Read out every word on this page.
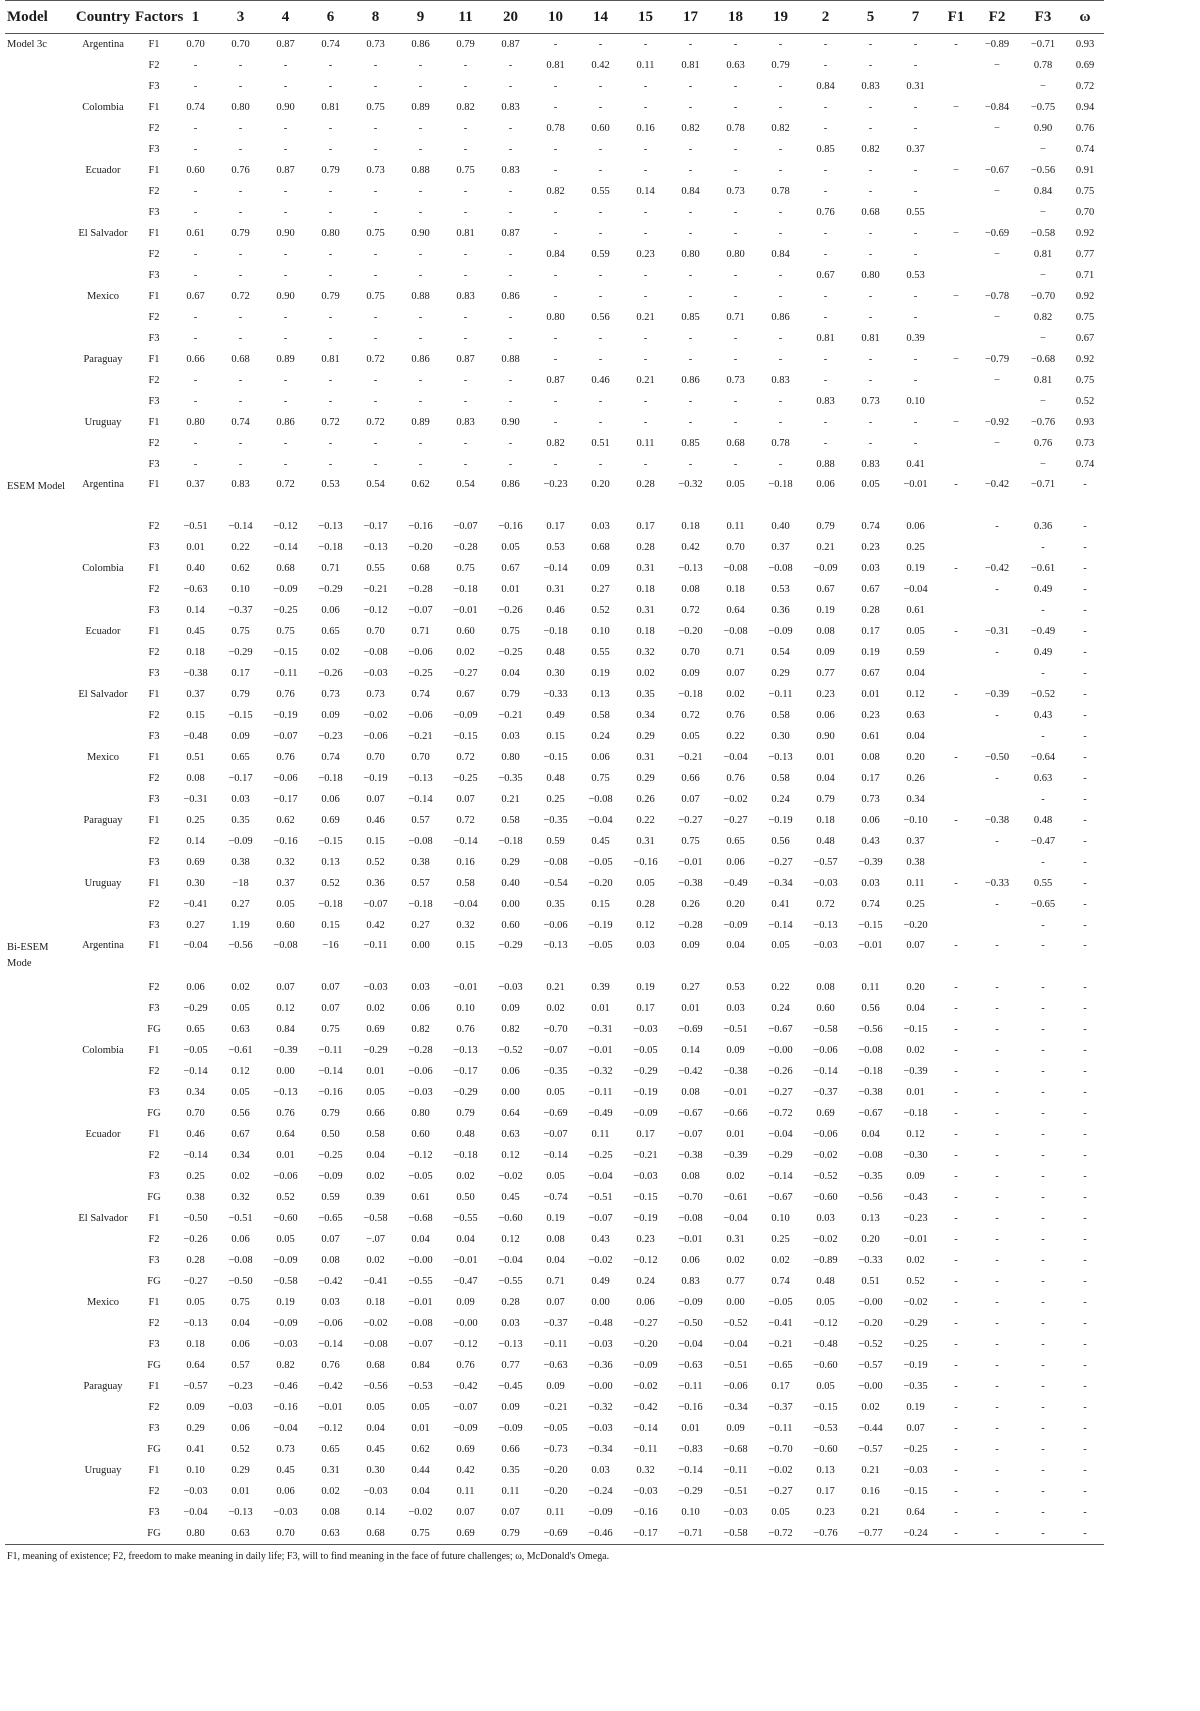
Model	Country	Factors	1	3	4	6	8	9	11	20	10	14	15	17	18	19	2	5	7	F1	F2	F3	ω
Model 3c	Argentina	F1	0.70	0.70	0.87	0.74	0.73	0.86	0.79	0.87	-	-	-	-	-	-	-	-	-	-	−0.89	−0.71	0.93
		F2	-	-	-	-	-	-	-	-	0.81	0.42	0.11	0.81	0.63	0.79	-	-	-		−	0.78	0.69
		F3	-	-	-	-	-	-	-	-	-	-	-	-	-	-	0.84	0.83	0.31			−	0.72
	Colombia	F1	0.74	0.80	0.90	0.81	0.75	0.89	0.82	0.83	-	-	-	-	-	-	-	-	-	−	−0.84	−0.75	0.94
		F2	-	-	-	-	-	-	-	-	0.78	0.60	0.16	0.82	0.78	0.82	-	-	-		−	0.90	0.76
		F3	-	-	-	-	-	-	-	-	-	-	-	-	-	-	0.85	0.82	0.37			−	0.74
	Ecuador	F1	0.60	0.76	0.87	0.79	0.73	0.88	0.75	0.83	-	-	-	-	-	-	-	-	-	−	−0.67	−0.56	0.91
		F2	-	-	-	-	-	-	-	-	0.82	0.55	0.14	0.84	0.73	0.78	-	-	-		−	0.84	0.75
		F3	-	-	-	-	-	-	-	-	-	-	-	-	-	-	0.76	0.68	0.55			−	0.70
	El Salvador	F1	0.61	0.79	0.90	0.80	0.75	0.90	0.81	0.87	-	-	-	-	-	-	-	-	-	−	−0.69	−0.58	0.92
		F2	-	-	-	-	-	-	-	-	0.84	0.59	0.23	0.80	0.80	0.84	-	-	-		−	0.81	0.77
		F3	-	-	-	-	-	-	-	-	-	-	-	-	-	-	0.67	0.80	0.53			−	0.71
	Mexico	F1	0.67	0.72	0.90	0.79	0.75	0.88	0.83	0.86	-	-	-	-	-	-	-	-	-	−	−0.78	−0.70	0.92
		F2	-	-	-	-	-	-	-	-	0.80	0.56	0.21	0.85	0.71	0.86	-	-	-		−	0.82	0.75
		F3	-	-	-	-	-	-	-	-	-	-	-	-	-	-	0.81	0.81	0.39			−	0.67
	Paraguay	F1	0.66	0.68	0.89	0.81	0.72	0.86	0.87	0.88	-	-	-	-	-	-	-	-	-	−	−0.79	−0.68	0.92
		F2	-	-	-	-	-	-	-	-	0.87	0.46	0.21	0.86	0.73	0.83	-	-	-		−	0.81	0.75
		F3	-	-	-	-	-	-	-	-	-	-	-	-	-	-	0.83	0.73	0.10			−	0.52
	Uruguay	F1	0.80	0.74	0.86	0.72	0.72	0.89	0.83	0.90	-	-	-	-	-	-	-	-	-	−	−0.92	−0.76	0.93
		F2	-	-	-	-	-	-	-	-	0.82	0.51	0.11	0.85	0.68	0.78	-	-	-		−	0.76	0.73
		F3	-	-	-	-	-	-	-	-	-	-	-	-	-	-	0.88	0.83	0.41			−	0.74
ESEM Model	Argentina	F1	0.37	0.83	0.72	0.53	0.54	0.62	0.54	0.86	−0.23	0.20	0.28	−0.32	0.05	−0.18	0.06	0.05	−0.01	-	−0.42	−0.71	-
		F2	−0.51	−0.14	−0.12	−0.13	−0.17	−0.16	−0.07	−0.16	0.17	0.03	0.17	0.18	0.11	0.40	0.79	0.74	0.06		-	0.36	-
		F3	0.01	0.22	−0.14	−0.18	−0.13	−0.20	−0.28	0.05	0.53	0.68	0.28	0.42	0.70	0.37	0.21	0.23	0.25			-	-
	Colombia	F1	0.40	0.62	0.68	0.71	0.55	0.68	0.75	0.67	−0.14	0.09	0.31	−0.13	−0.08	−0.08	−0.09	0.03	0.19	-	−0.42	−0.61	-
		F2	−0.63	0.10	−0.09	−0.29	−0.21	−0.28	−0.18	0.01	0.31	0.27	0.18	0.08	0.18	0.53	0.67	0.67	−0.04		-	0.49	-
		F3	0.14	−0.37	−0.25	0.06	−0.12	−0.07	−0.01	−0.26	0.46	0.52	0.31	0.72	0.64	0.36	0.19	0.28	0.61			-	-
	Ecuador	F1	0.45	0.75	0.75	0.65	0.70	0.71	0.60	0.75	−0.18	0.10	0.18	−0.20	−0.08	−0.09	0.08	0.17	0.05	-	−0.31	−0.49	-
		F2	0.18	−0.29	−0.15	0.02	−0.08	−0.06	0.02	−0.25	0.48	0.55	0.32	0.70	0.71	0.54	0.09	0.19	0.59		-	0.49	-
		F3	−0.38	0.17	−0.11	−0.26	−0.03	−0.25	−0.27	0.04	0.30	0.19	0.02	0.09	0.07	0.29	0.77	0.67	0.04			-	-
	El Salvador	F1	0.37	0.79	0.76	0.73	0.73	0.74	0.67	0.79	−0.33	0.13	0.35	−0.18	0.02	−0.11	0.23	0.01	0.12	-	−0.39	−0.52	-
		F2	0.15	−0.15	−0.19	0.09	−0.02	−0.06	−0.09	−0.21	0.49	0.58	0.34	0.72	0.76	0.58	0.06	0.23	0.63		-	0.43	-
		F3	−0.48	0.09	−0.07	−0.23	−0.06	−0.21	−0.15	0.03	0.15	0.24	0.29	0.05	0.22	0.30	0.90	0.61	0.04			-	-
	Mexico	F1	0.51	0.65	0.76	0.74	0.70	0.70	0.72	0.80	−0.15	0.06	0.31	−0.21	−0.04	−0.13	0.01	0.08	0.20	-	−0.50	−0.64	-
		F2	0.08	−0.17	−0.06	−0.18	−0.19	−0.13	−0.25	−0.35	0.48	0.75	0.29	0.66	0.76	0.58	0.04	0.17	0.26		-	0.63	-
		F3	−0.31	0.03	−0.17	0.06	0.07	−0.14	0.07	0.21	0.25	−0.08	0.26	0.07	−0.02	0.24	0.79	0.73	0.34			-	-
	Paraguay	F1	0.25	0.35	0.62	0.69	0.46	0.57	0.72	0.58	−0.35	−0.04	0.22	−0.27	−0.27	−0.19	0.18	0.06	−0.10	-	−0.38	0.48	-
		F2	0.14	−0.09	−0.16	−0.15	0.15	−0.08	−0.14	−0.18	0.59	0.45	0.31	0.75	0.65	0.56	0.48	0.43	0.37		-	−0.47	-
		F3	0.69	0.38	0.32	0.13	0.52	0.38	0.16	0.29	−0.08	−0.05	−0.16	−0.01	0.06	−0.27	−0.57	−0.39	0.38			-	-
	Uruguay	F1	0.30	−18	0.37	0.52	0.36	0.57	0.58	0.40	−0.54	−0.20	0.05	−0.38	−0.49	−0.34	−0.03	0.03	0.11	-	−0.33	0.55	-
		F2	−0.41	0.27	0.05	−0.18	−0.07	−0.18	−0.04	0.00	0.35	0.15	0.28	0.26	0.20	0.41	0.72	0.74	0.25		-	−0.65	-
		F3	0.27	1.19	0.60	0.15	0.42	0.27	0.32	0.60	−0.06	−0.19	0.12	−0.28	−0.09	−0.14	−0.13	−0.15	−0.20			-	-
Bi-ESEM Mode	Argentina	F1	−0.04	−0.56	−0.08	−16	−0.11	0.00	0.15	−0.29	−0.13	−0.05	0.03	0.09	0.04	0.05	−0.03	−0.01	0.07	-	-	-	-
		F2	0.06	0.02	0.07	0.07	−0.03	0.03	−0.01	−0.03	0.21	0.39	0.19	0.27	0.53	0.22	0.08	0.11	0.20	-	-	-	-
		F3	−0.29	0.05	0.12	0.07	0.02	0.06	0.10	0.09	0.02	0.01	0.17	0.01	0.03	0.24	0.60	0.56	0.04	-	-	-	-
		FG	0.65	0.63	0.84	0.75	0.69	0.82	0.76	0.82	−0.70	−0.31	−0.03	−0.69	−0.51	−0.67	−0.58	−0.56	−0.15	-	-	-	-
	Colombia	F1	−0.05	−0.61	−0.39	−0.11	−0.29	−0.28	−0.13	−0.52	−0.07	−0.01	−0.05	0.14	0.09	−0.00	−0.06	−0.08	0.02	-	-	-	-
		F2	−0.14	0.12	0.00	−0.14	0.01	−0.06	−0.17	0.06	−0.35	−0.32	−0.29	−0.42	−0.38	−0.26	−0.14	−0.18	−0.39	-	-	-	-
		F3	0.34	0.05	−0.13	−0.16	0.05	−0.03	−0.29	0.00	0.05	−0.11	−0.19	0.08	−0.01	−0.27	−0.37	−0.38	0.01	-	-	-	-
		FG	0.70	0.56	0.76	0.79	0.66	0.80	0.79	0.64	−0.69	−0.49	−0.09	−0.67	−0.66	−0.72	0.69	−0.67	−0.18	-	-	-	-
	Ecuador	F1	0.46	0.67	0.64	0.50	0.58	0.60	0.48	0.63	−0.07	0.11	0.17	−0.07	0.01	−0.04	−0.06	0.04	0.12	-	-	-	-
		F2	−0.14	0.34	0.01	−0.25	0.04	−0.12	−0.18	0.12	−0.14	−0.25	−0.21	−0.38	−0.39	−0.29	−0.02	−0.08	−0.30	-	-	-	-
		F3	0.25	0.02	−0.06	−0.09	0.02	−0.05	0.02	−0.02	0.05	−0.04	−0.03	0.08	0.02	−0.14	−0.52	−0.35	0.09	-	-	-	-
		FG	0.38	0.32	0.52	0.59	0.39	0.61	0.50	0.45	−0.74	−0.51	−0.15	−0.70	−0.61	−0.67	−0.60	−0.56	−0.43	-	-	-	-
	El Salvador	F1	−0.50	−0.51	−0.60	−0.65	−0.58	−0.68	−0.55	−0.60	0.19	−0.07	−0.19	−0.08	−0.04	0.10	0.03	0.13	−0.23	-	-	-	-
		F2	−0.26	0.06	0.05	0.07	−.07	0.04	0.04	0.12	0.08	0.43	0.23	−0.01	0.31	0.25	−0.02	0.20	−0.01	-	-	-	-
		F3	0.28	−0.08	−0.09	0.08	0.02	−0.00	−0.01	−0.04	0.04	−0.02	−0.12	0.06	0.02	0.02	−0.89	−0.33	0.02	-	-	-	-
		FG	−0.27	−0.50	−0.58	−0.42	−0.41	−0.55	−0.47	−0.55	0.71	0.49	0.24	0.83	0.77	0.74	0.48	0.51	0.52	-	-	-	-
	Mexico	F1	0.05	0.75	0.19	0.03	0.18	−0.01	0.09	0.28	0.07	0.00	0.06	−0.09	0.00	−0.05	0.05	−0.00	−0.02	-	-	-	-
		F2	−0.13	0.04	−0.09	−0.06	−0.02	−0.08	−0.00	0.03	−0.37	−0.48	−0.27	−0.50	−0.52	−0.41	−0.12	−0.20	−0.29	-	-	-	-
		F3	0.18	0.06	−0.03	−0.14	−0.08	−0.07	−0.12	−0.13	−0.11	−0.03	−0.20	−0.04	−0.04	−0.21	−0.48	−0.52	−0.25	-	-	-	-
		FG	0.64	0.57	0.82	0.76	0.68	0.84	0.76	0.77	−0.63	−0.36	−0.09	−0.63	−0.51	−0.65	−0.60	−0.57	−0.19	-	-	-	-
	Paraguay	F1	−0.57	−0.23	−0.46	−0.42	−0.56	−0.53	−0.42	−0.45	0.09	−0.00	−0.02	−0.11	−0.06	0.17	0.05	−0.00	−0.35	-	-	-	-
		F2	0.09	−0.03	−0.16	−0.01	0.05	0.05	−0.07	0.09	−0.21	−0.32	−0.42	−0.16	−0.34	−0.37	−0.15	0.02	0.19	-	-	-	-
		F3	0.29	0.06	−0.04	−0.12	0.04	0.01	−0.09	−0.09	−0.05	−0.03	−0.14	0.01	0.09	−0.11	−0.53	−0.44	0.07	-	-	-	-
		FG	0.41	0.52	0.73	0.65	0.45	0.62	0.69	0.66	−0.73	−0.34	−0.11	−0.83	−0.68	−0.70	−0.60	−0.57	−0.25	-	-	-	-
	Uruguay	F1	0.10	0.29	0.45	0.31	0.30	0.44	0.42	0.35	−0.20	0.03	0.32	−0.14	−0.11	−0.02	0.13	0.21	−0.03	-	-	-	-
		F2	−0.03	0.01	0.06	0.02	−0.03	0.04	0.11	0.11	−0.20	−0.24	−0.03	−0.29	−0.51	−0.27	0.17	0.16	−0.15	-	-	-	-
		F3	−0.04	−0.13	−0.03	0.08	0.14	−0.02	0.07	0.07	0.11	−0.09	−0.16	0.10	−0.03	0.05	0.23	0.21	0.64	-	-	-	-
		FG	0.80	0.63	0.70	0.63	0.68	0.75	0.69	0.79	−0.69	−0.46	−0.17	−0.71	−0.58	−0.72	−0.76	−0.77	−0.24	-	-	-	-
F1, meaning of existence; F2, freedom to make meaning in daily life; F3, will to find meaning in the face of future challenges; ω, McDonald's Omega.
